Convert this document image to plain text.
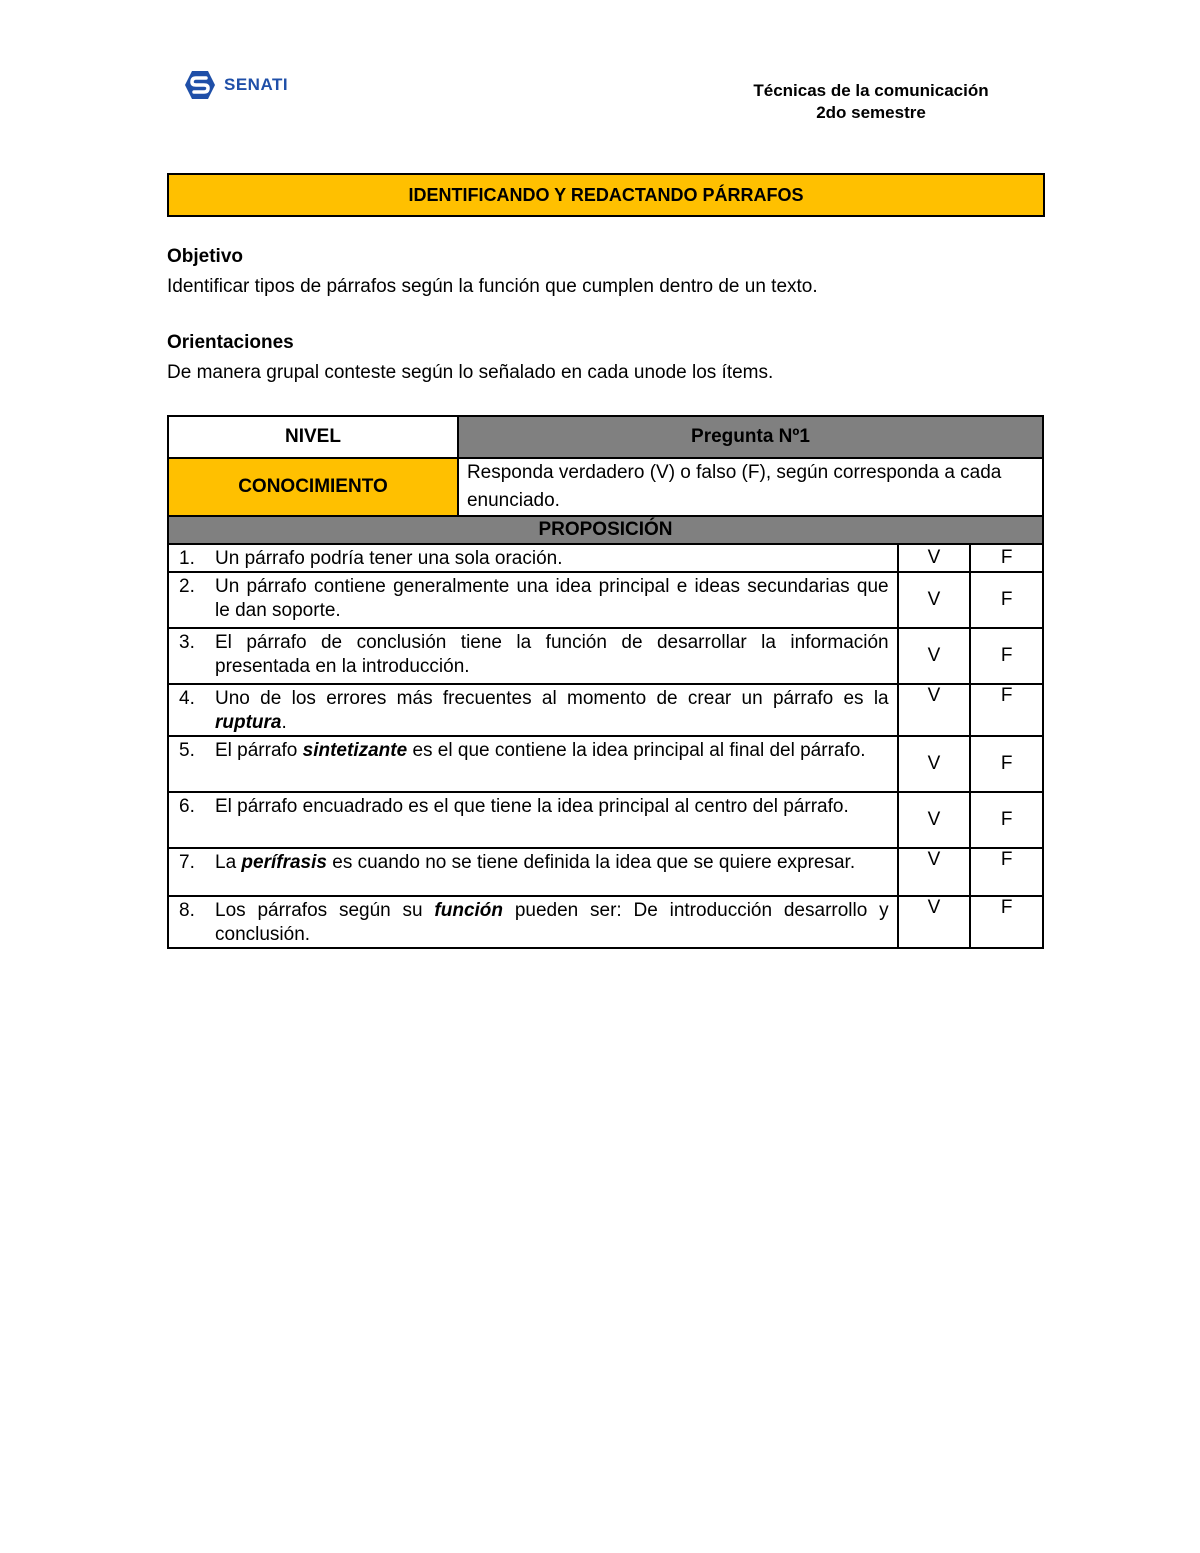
SENATI	Técnicas de la comunicación
2do semestre
IDENTIFICANDO Y REDACTANDO PÁRRAFOS
Objetivo
Identificar tipos de párrafos según la función que cumplen dentro de un texto.
Orientaciones
De manera grupal conteste según lo señalado en cada unode los ítems.
NIVEL	Pregunta Nº1		
CONOCIMIENTO	Responda verdadero (V) o falso (F), según corresponda a cada enunciado.		
PROPOSICIÓN			

1. Un párrafo podría tener una sola oración.		V	F

2. Un párrafo contiene generalmente una idea principal e ideas secundarias que le dan soporte.		V	F

3. El párrafo de conclusión tiene la función de desarrollar la información presentada en la introducción.		V	F

4. Uno de los errores más frecuentes al momento de crear un párrafo es la ruptura.		V	F

5. El párrafo sintetizante es el que contiene la idea principal al final del párrafo.		V	F

6. El párrafo encuadrado es el que tiene la idea principal al centro del párrafo.		V	F

7. La perífrasis es cuando no se tiene definida la idea que se quiere expresar.		V	F

8. Los párrafos según su función pueden ser: De introducción desarrollo y conclusión.		V	F
